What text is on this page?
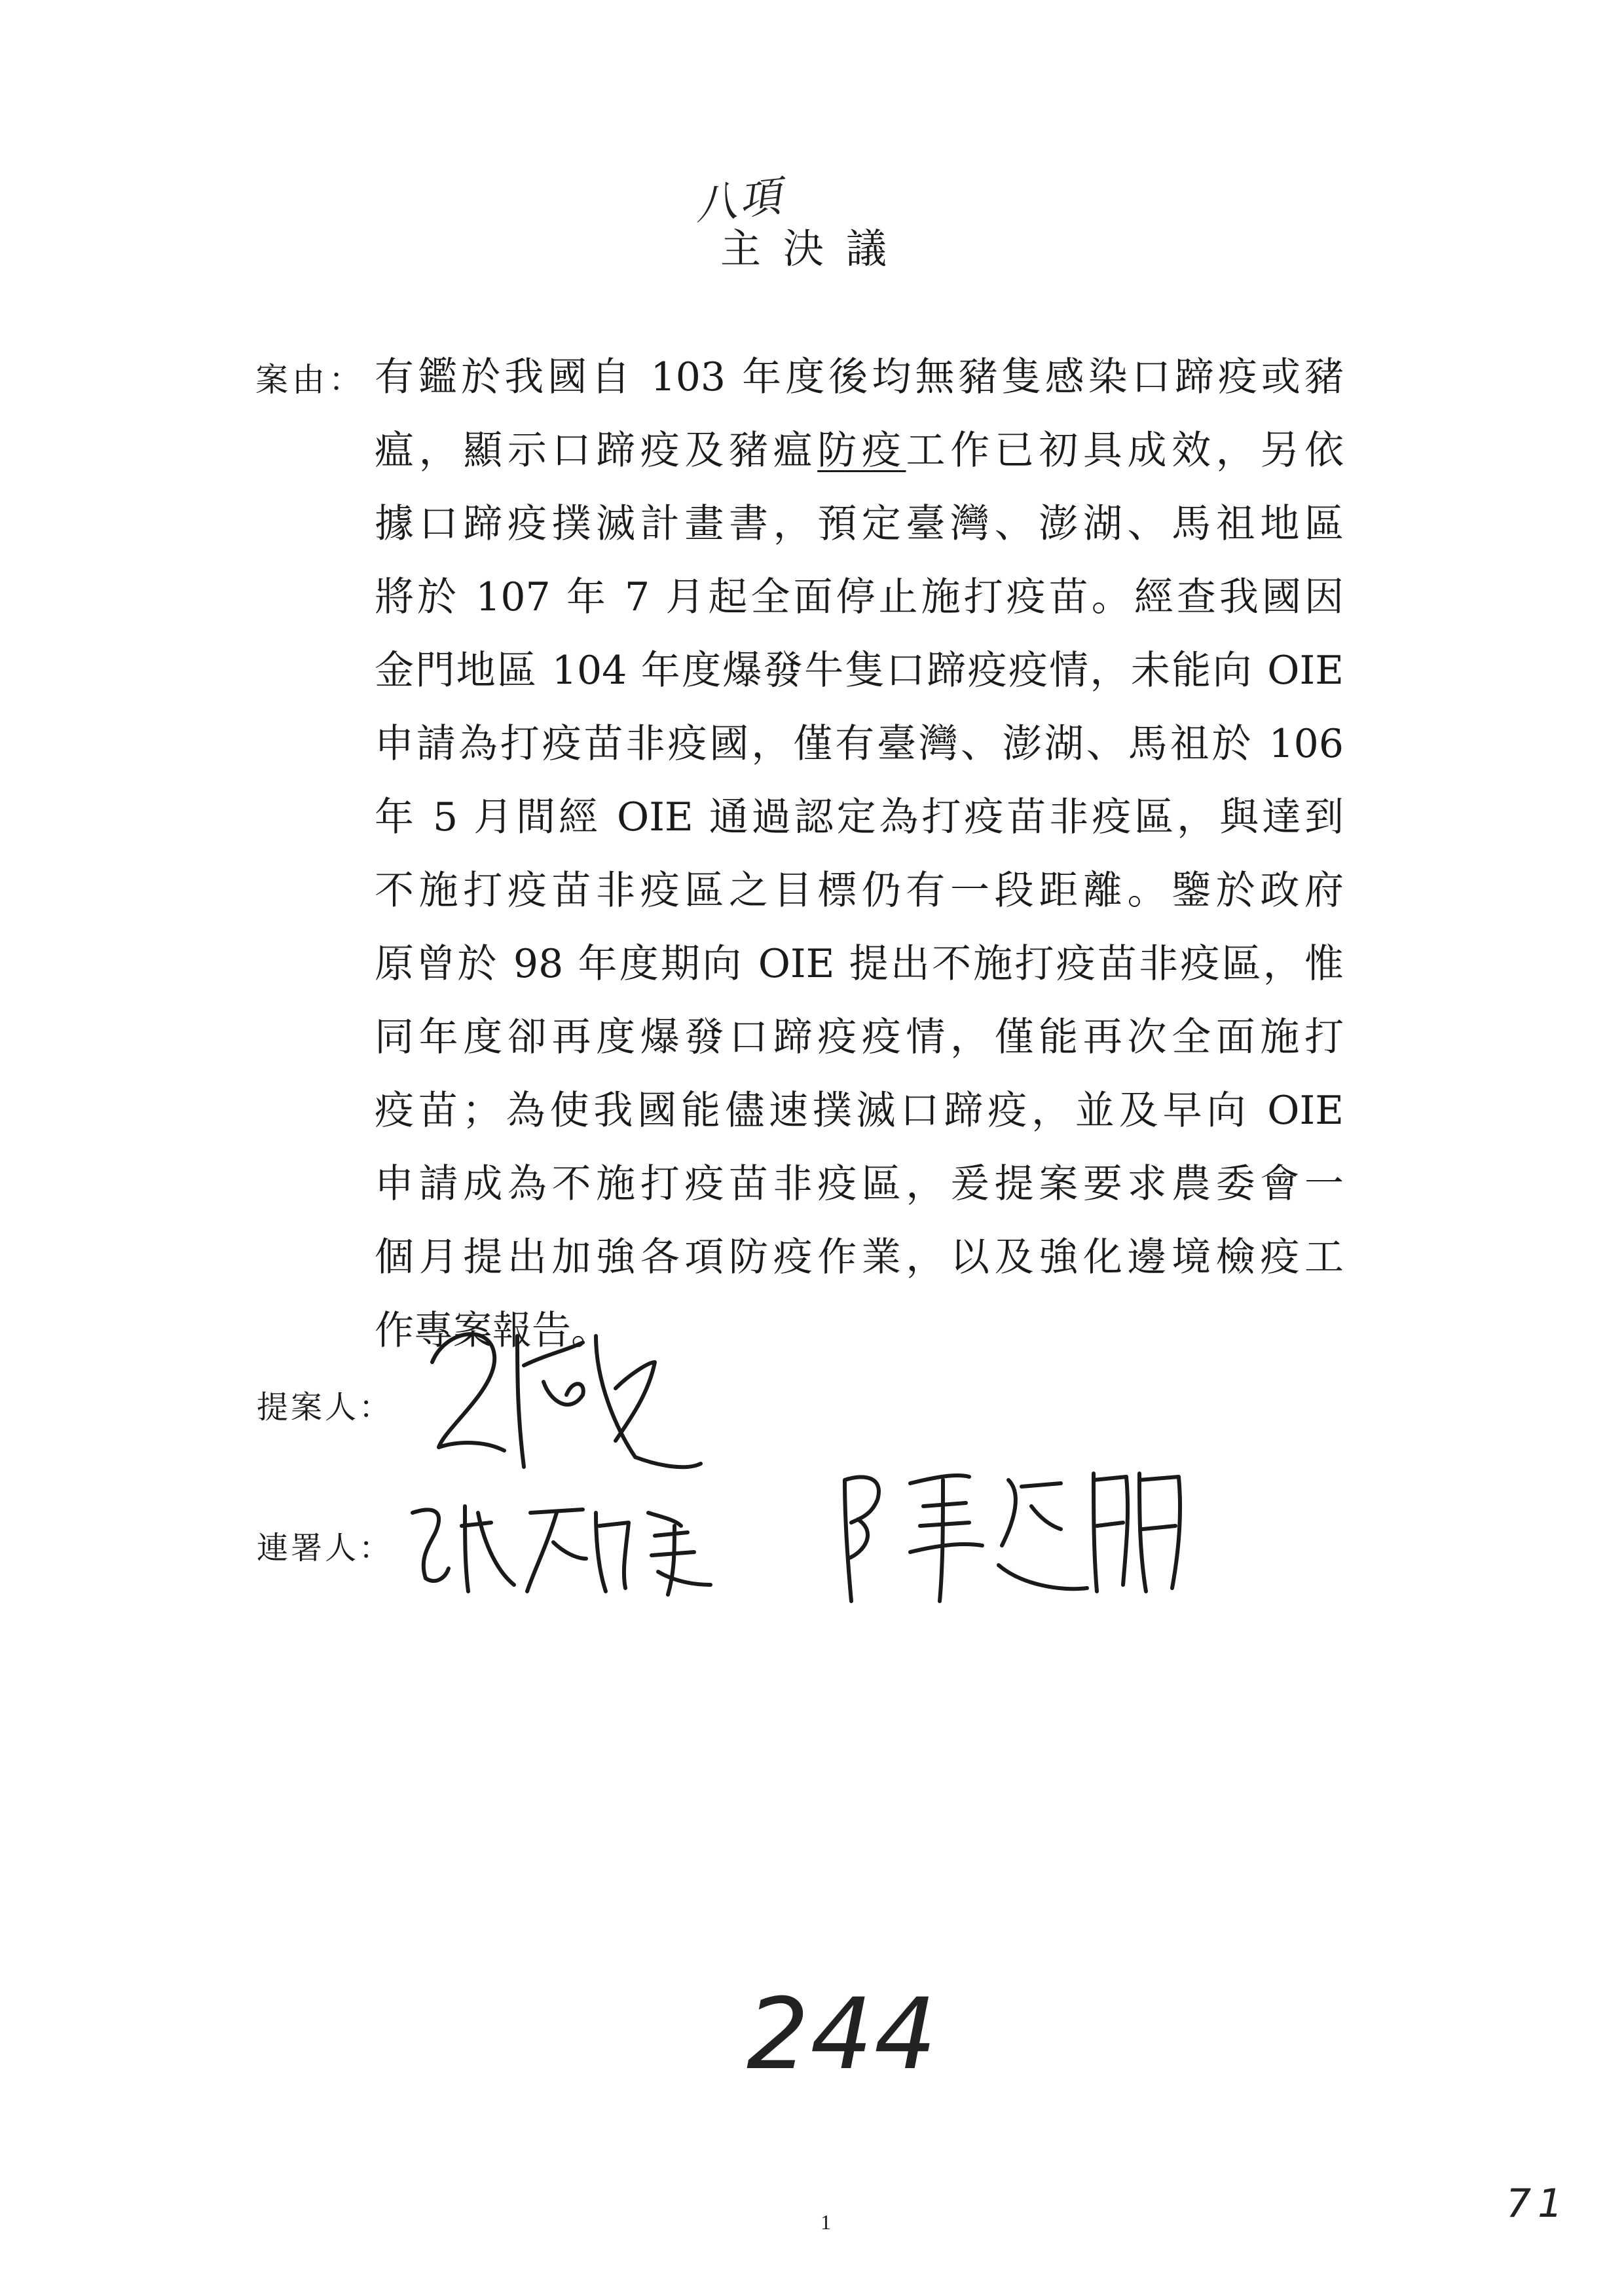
八項
主決議
案由： 有鑑於我國自 103 年度後均無豬隻感染口蹄疫或豬
瘟，顯示口蹄疫及豬瘟防疫工作已初具成效，另依
據口蹄疫撲滅計畫書，預定臺灣、澎湖、馬祖地區
將於 107 年 7 月起全面停止施打疫苗。經查我國因
金門地區 104 年度爆發牛隻口蹄疫疫情，未能向 OIE
申請為打疫苗非疫國，僅有臺灣、澎湖、馬祖於 106
年 5 月間經 OIE 通過認定為打疫苗非疫區，與達到
不施打疫苗非疫區之目標仍有一段距離。鑒於政府
原曾於 98 年度期向 OIE 提出不施打疫苗非疫區，惟
同年度卻再度爆發口蹄疫疫情，僅能再次全面施打
疫苗；為使我國能儘速撲滅口蹄疫，並及早向 OIE
申請成為不施打疫苗非疫區，爰提案要求農委會一
個月提出加強各項防疫作業，以及強化邊境檢疫工
作專案報告。
提案人：
連署人：
244
1	71
